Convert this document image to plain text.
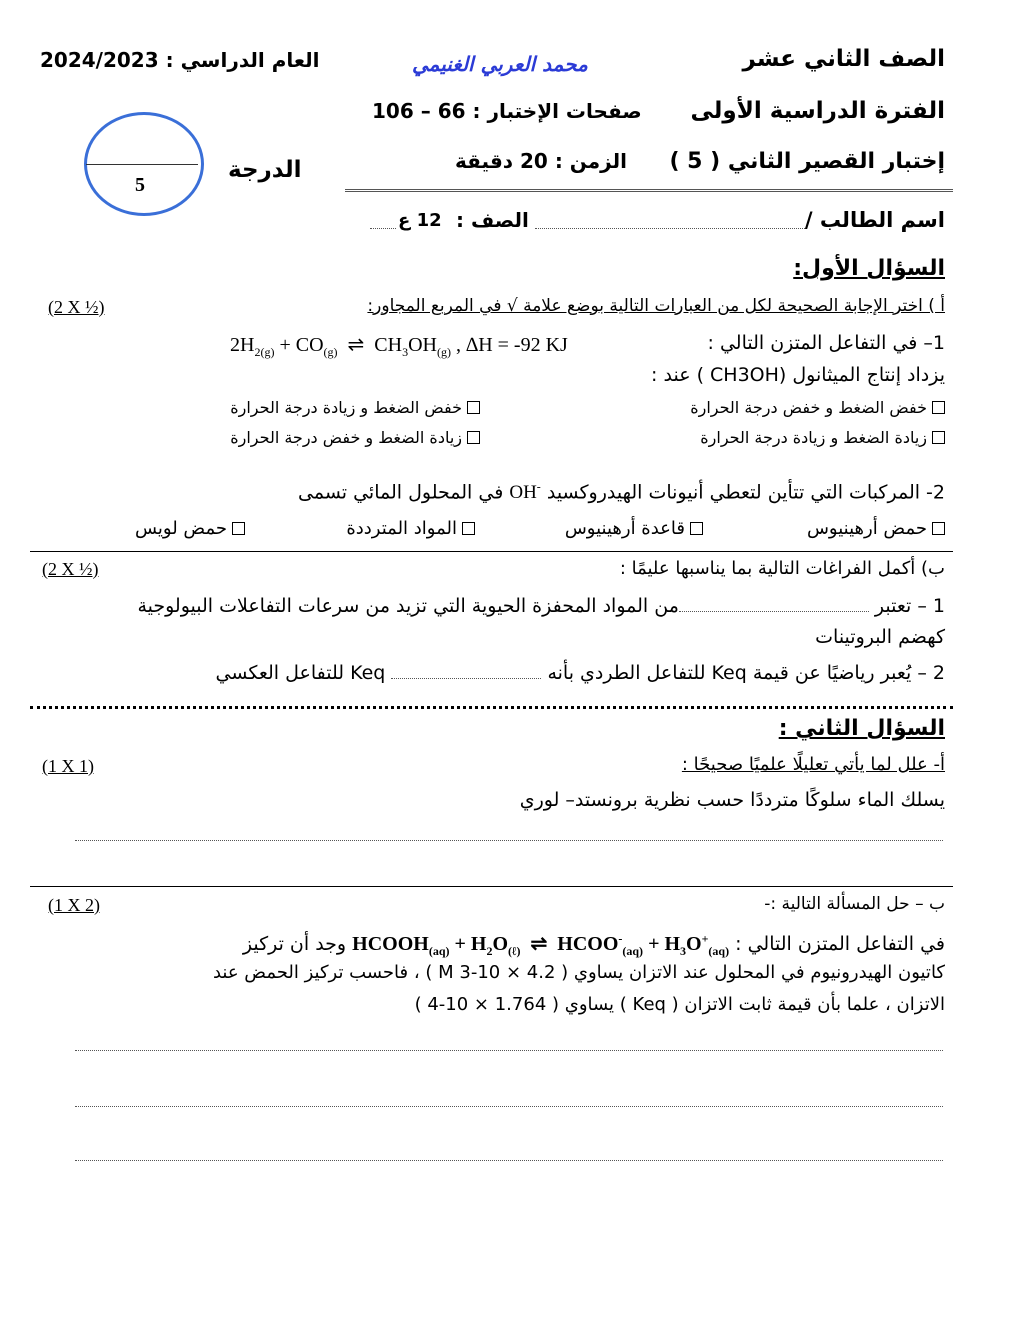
الصف الثاني عشر
العام الدراسي : 2024/2023	محمد العربي الغنيمي
الفترة الدراسية الأولى
صفحات الإختبار : 66 – 106
إختبار القصير الثاني ( 5 )
الزمن : 20 دقيقة
5
الدرجة
اسم الطالب /
الصف :
12 ع
السؤال الأول:
أ ) اختر الإجابة الصحيحة لكل من العبارات التالية بوضع علامة √ في المربع المجاور:
(2 X ½)
1– في التفاعل المتزن التالي :
$2H_{2(g)} + CO_{(g)}$  ⇌  $CH_3OH_{(g)}$ , ∆H = -92 KJ
يزداد إنتاج الميثانول (CH3OH ) عند :
خفض الضغط و خفض درجة الحرارة
خفض الضغط و زيادة درجة الحرارة
زيادة الضغط و زيادة درجة الحرارة
زيادة الضغط و خفض درجة الحرارة
2- المركبات التي تتأين لتعطي أنيونات الهيدروكسيد OH- في المحلول المائي تسمى
حمض أرهينيوس
قاعدة أرهينيوس
المواد المترددة
حمض لويس
ب) أكمل الفراغات التالية بما يناسبها عليمًا :
(2 X ½)
1 – تعتبر من المواد المحفزة الحيوية التي تزيد من سرعات التفاعلات البيولوجية
كهضم البروتينات
2 – يُعبر رياضيًا عن قيمة Keq للتفاعل الطردي بأنه  Keq للتفاعل العكسي
السؤال الثاني :
أ- علل لما يأتي تعليلًا علميًا صحيحًا :
(1 X 1)
يسلك الماء سلوكًا مترددًا حسب نظرية برونستد– لوري
ب – حل المسألة التالية :-
(1 X 2)
في التفاعل المتزن التالي : $HCOOH_{(aq)} + H_2O_{(\ell)}$  ⇌  $HCOO^-_{(aq)} + H_3O^+_{(aq)}$ وجد أن تركيز
كاتيون الهيدرونيوم في المحلول عند الاتزان يساوي ( 4.2 × 10-3 M ) ، فاحسب تركيز الحمض عند
الاتزان ، علما بأن قيمة ثابت الاتزان ( Keq ) يساوي ( 1.764 × 10-4 )
